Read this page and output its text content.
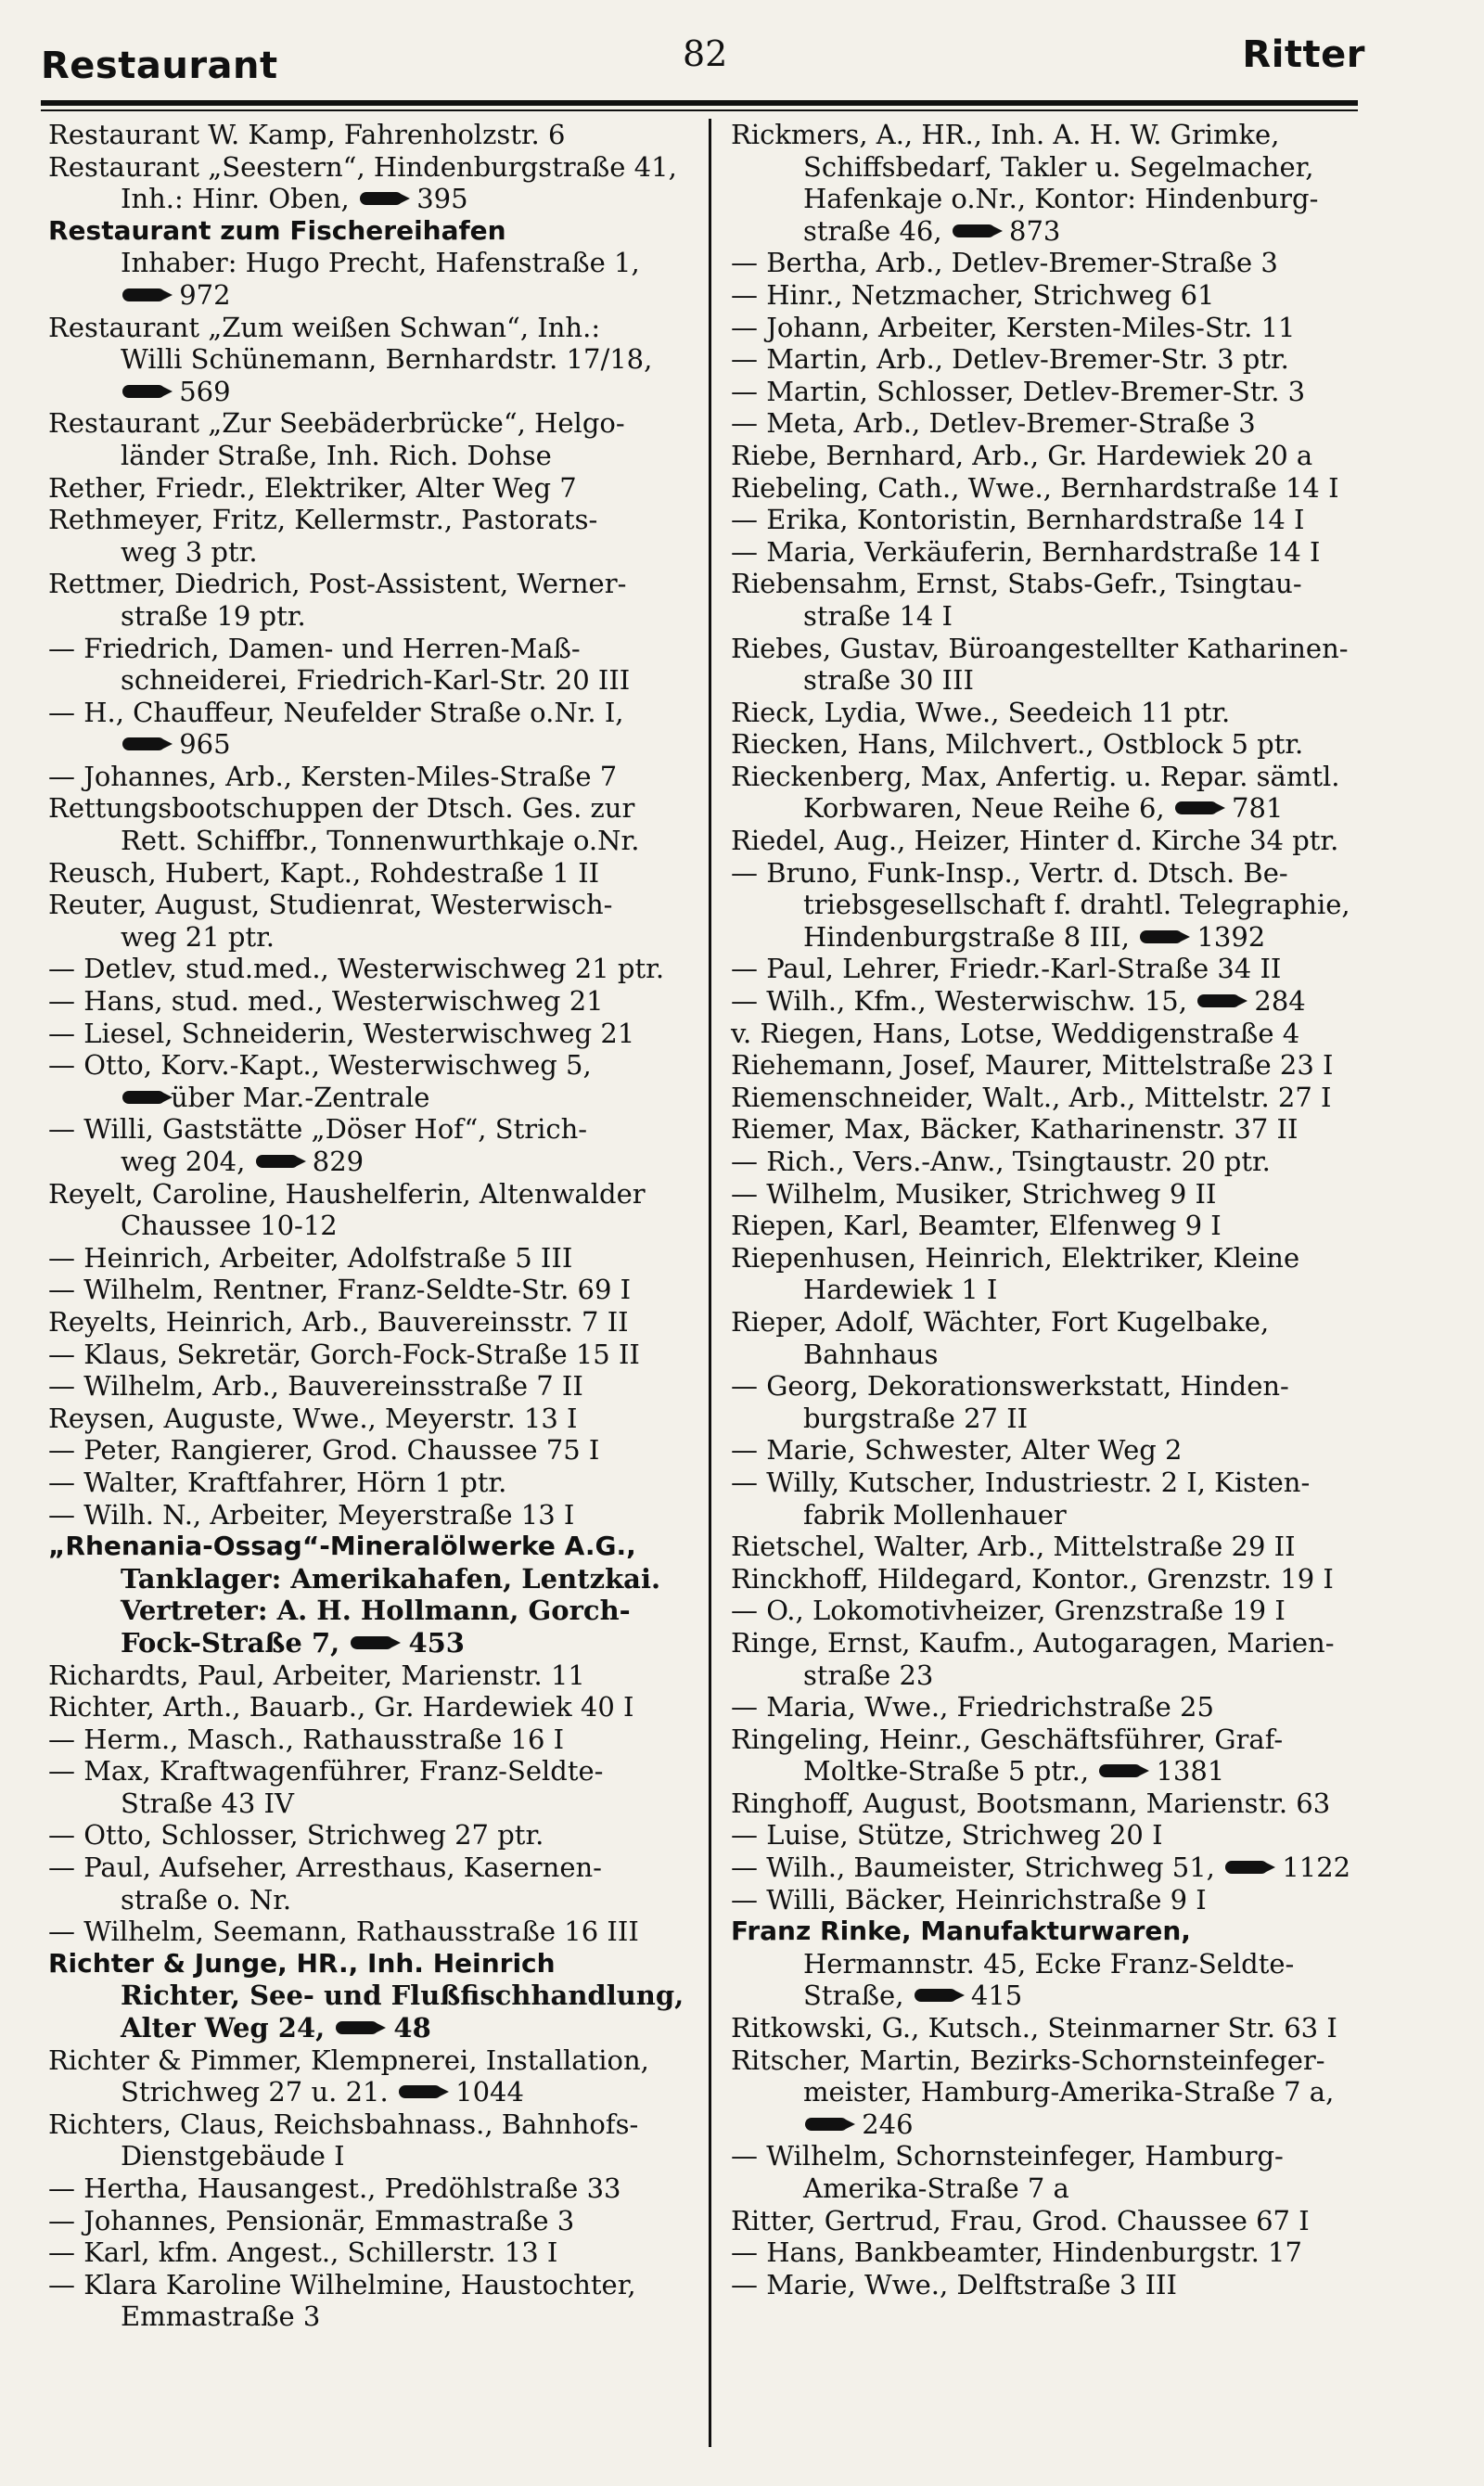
Restaurant	82	Ritter
Restaurant W. Kamp, Fahrenholzstr. 6
Restaurant „Seestern“, Hindenburgstraße 41,
Inh.: Hinr. Oben,  395
Restaurant zum Fischereihafen
Inhaber: Hugo Precht, Hafenstraße 1,
972
Restaurant „Zum weißen Schwan“, Inh.:
Willi Schünemann, Bernhardstr. 17/18,
569
Restaurant „Zur Seebäderbrücke“, Helgo-
länder Straße, Inh. Rich. Dohse
Rether, Friedr., Elektriker, Alter Weg 7
Rethmeyer, Fritz, Kellermstr., Pastorats-
weg 3 ptr.
Rettmer, Diedrich, Post-Assistent, Werner-
straße 19 ptr.
— Friedrich, Damen- und Herren-Maß-
schneiderei, Friedrich-Karl-Str. 20 III
— H., Chauffeur, Neufelder Straße o.Nr. I,
965
— Johannes, Arb., Kersten-Miles-Straße 7
Rettungsbootschuppen der Dtsch. Ges. zur
Rett. Schiffbr., Tonnenwurthkaje o.Nr.
Reusch, Hubert, Kapt., Rohdestraße 1 II
Reuter, August, Studienrat, Westerwisch-
weg 21 ptr.
— Detlev, stud.med., Westerwischweg 21 ptr.
— Hans, stud. med., Westerwischweg 21
— Liesel, Schneiderin, Westerwischweg 21
— Otto, Korv.-Kapt., Westerwischweg 5,
über Mar.-Zentrale
— Willi, Gaststätte „Döser Hof“, Strich-
weg 204,  829
Reyelt, Caroline, Haushelferin, Altenwalder
Chaussee 10-12
— Heinrich, Arbeiter, Adolfstraße 5 III
— Wilhelm, Rentner, Franz-Seldte-Str. 69 I
Reyelts, Heinrich, Arb., Bauvereinsstr. 7 II
— Klaus, Sekretär, Gorch-Fock-Straße 15 II
— Wilhelm, Arb., Bauvereinsstraße 7 II
Reysen, Auguste, Wwe., Meyerstr. 13 I
— Peter, Rangierer, Grod. Chaussee 75 I
— Walter, Kraftfahrer, Hörn 1 ptr.
— Wilh. N., Arbeiter, Meyerstraße 13 I
„Rhenania-Ossag“-Mineralölwerke A.G.,
Tanklager: Amerikahafen, Lentzkai.
Vertreter: A. H. Hollmann, Gorch-
Fock-Straße 7,  453
Richardts, Paul, Arbeiter, Marienstr. 11
Richter, Arth., Bauarb., Gr. Hardewiek 40 I
— Herm., Masch., Rathausstraße 16 I
— Max, Kraftwagenführer, Franz-Seldte-
Straße 43 IV
— Otto, Schlosser, Strichweg 27 ptr.
— Paul, Aufseher, Arresthaus, Kasernen-
straße o. Nr.
— Wilhelm, Seemann, Rathausstraße 16 III
Richter & Junge, HR., Inh. Heinrich
Richter, See- und Flußfischhandlung,
Alter Weg 24,  48
Richter & Pimmer, Klempnerei, Installation,
Strichweg 27 u. 21.  1044
Richters, Claus, Reichsbahnass., Bahnhofs-
Dienstgebäude I
— Hertha, Hausangest., Predöhlstraße 33
— Johannes, Pensionär, Emmastraße 3
— Karl, kfm. Angest., Schillerstr. 13 I
— Klara Karoline Wilhelmine, Haustochter,
Emmastraße 3
Rickmers, A., HR., Inh. A. H. W. Grimke,
Schiffsbedarf, Takler u. Segelmacher,
Hafenkaje o.Nr., Kontor: Hindenburg-
straße 46,  873
— Bertha, Arb., Detlev-Bremer-Straße 3
— Hinr., Netzmacher, Strichweg 61
— Johann, Arbeiter, Kersten-Miles-Str. 11
— Martin, Arb., Detlev-Bremer-Str. 3 ptr.
— Martin, Schlosser, Detlev-Bremer-Str. 3
— Meta, Arb., Detlev-Bremer-Straße 3
Riebe, Bernhard, Arb., Gr. Hardewiek 20 a
Riebeling, Cath., Wwe., Bernhardstraße 14 I
— Erika, Kontoristin, Bernhardstraße 14 I
— Maria, Verkäuferin, Bernhardstraße 14 I
Riebensahm, Ernst, Stabs-Gefr., Tsingtau-
straße 14 I
Riebes, Gustav, Büroangestellter Katharinen-
straße 30 III
Rieck, Lydia, Wwe., Seedeich 11 ptr.
Riecken, Hans, Milchvert., Ostblock 5 ptr.
Rieckenberg, Max, Anfertig. u. Repar. sämtl.
Korbwaren, Neue Reihe 6,  781
Riedel, Aug., Heizer, Hinter d. Kirche 34 ptr.
— Bruno, Funk-Insp., Vertr. d. Dtsch. Be-
triebsgesellschaft f. drahtl. Telegraphie,
Hindenburgstraße 8 III,  1392
— Paul, Lehrer, Friedr.-Karl-Straße 34 II
— Wilh., Kfm., Westerwischw. 15,  284
v. Riegen, Hans, Lotse, Weddigenstraße 4
Riehemann, Josef, Maurer, Mittelstraße 23 I
Riemenschneider, Walt., Arb., Mittelstr. 27 I
Riemer, Max, Bäcker, Katharinenstr. 37 II
— Rich., Vers.-Anw., Tsingtaustr. 20 ptr.
— Wilhelm, Musiker, Strichweg 9 II
Riepen, Karl, Beamter, Elfenweg 9 I
Riepenhusen, Heinrich, Elektriker, Kleine
Hardewiek 1 I
Rieper, Adolf, Wächter, Fort Kugelbake,
Bahnhaus
— Georg, Dekorationswerkstatt, Hinden-
burgstraße 27 II
— Marie, Schwester, Alter Weg 2
— Willy, Kutscher, Industriestr. 2 I, Kisten-
fabrik Mollenhauer
Rietschel, Walter, Arb., Mittelstraße 29 II
Rinckhoff, Hildegard, Kontor., Grenzstr. 19 I
— O., Lokomotivheizer, Grenzstraße 19 I
Ringe, Ernst, Kaufm., Autogaragen, Marien-
straße 23
— Maria, Wwe., Friedrichstraße 25
Ringeling, Heinr., Geschäftsführer, Graf-
Moltke-Straße 5 ptr.,  1381
Ringhoff, August, Bootsmann, Marienstr. 63
— Luise, Stütze, Strichweg 20 I
— Wilh., Baumeister, Strichweg 51,  1122
— Willi, Bäcker, Heinrichstraße 9 I
Franz Rinke, Manufakturwaren,
Hermannstr. 45, Ecke Franz-Seldte-
Straße,  415
Ritkowski, G., Kutsch., Steinmarner Str. 63 I
Ritscher, Martin, Bezirks-Schornsteinfeger-
meister, Hamburg-Amerika-Straße 7 a,
246
— Wilhelm, Schornsteinfeger, Hamburg-
Amerika-Straße 7 a
Ritter, Gertrud, Frau, Grod. Chaussee 67 I
— Hans, Bankbeamter, Hindenburgstr. 17
— Marie, Wwe., Delftstraße 3 III
